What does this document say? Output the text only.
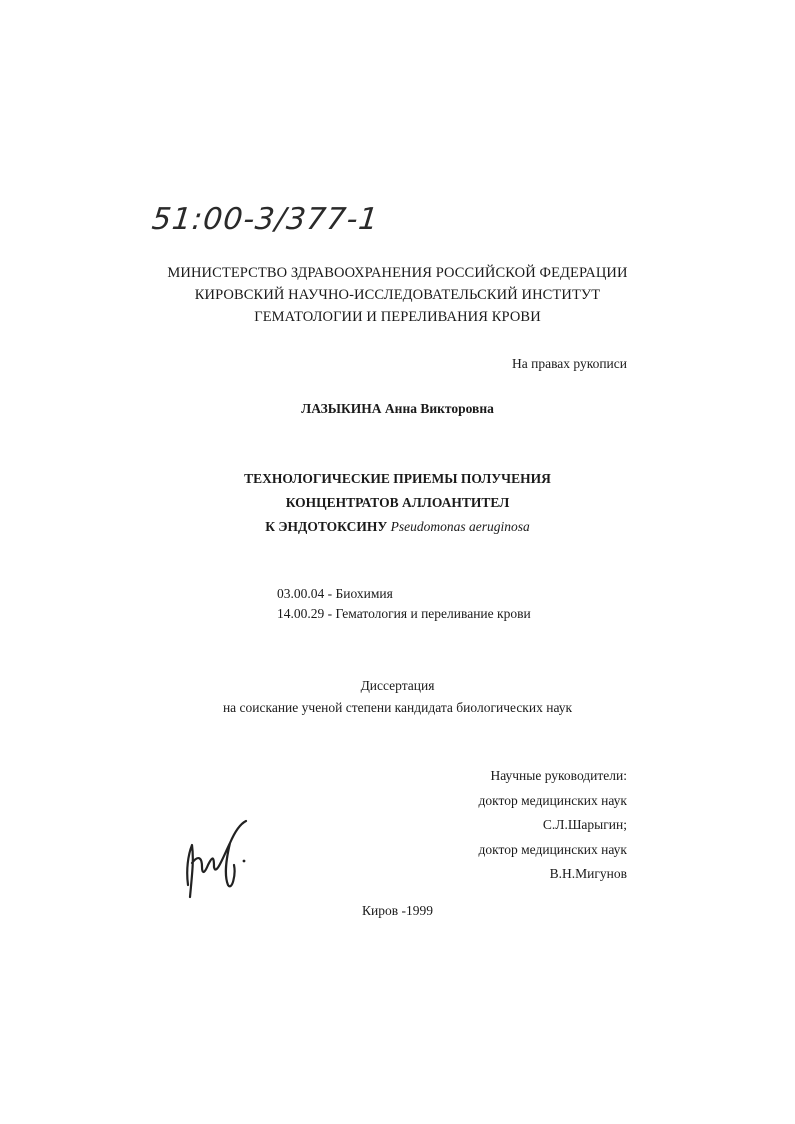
51:00-3/377-1
МИНИСТЕРСТВО ЗДРАВООХРАНЕНИЯ РОССИЙСКОЙ ФЕДЕРАЦИИ
КИРОВСКИЙ НАУЧНО-ИССЛЕДОВАТЕЛЬСКИЙ ИНСТИТУТ
ГЕМАТОЛОГИИ И ПЕРЕЛИВАНИЯ КРОВИ
На правах рукописи
ЛАЗЫКИНА Анна Викторовна
ТЕХНОЛОГИЧЕСКИЕ ПРИЕМЫ ПОЛУЧЕНИЯ
КОНЦЕНТРАТОВ АЛЛОАНТИТЕЛ
К ЭНДОТОКСИНУ Pseudomonas aeruginosa
03.00.04 - Биохимия
14.00.29 - Гематология и переливание крови
Диссертация
на соискание ученой степени кандидата биологических наук
Научные руководители:
доктор медицинских наук
С.Л.Шарыгин;
доктор медицинских наук
В.Н.Мигунов
Киров -1999
